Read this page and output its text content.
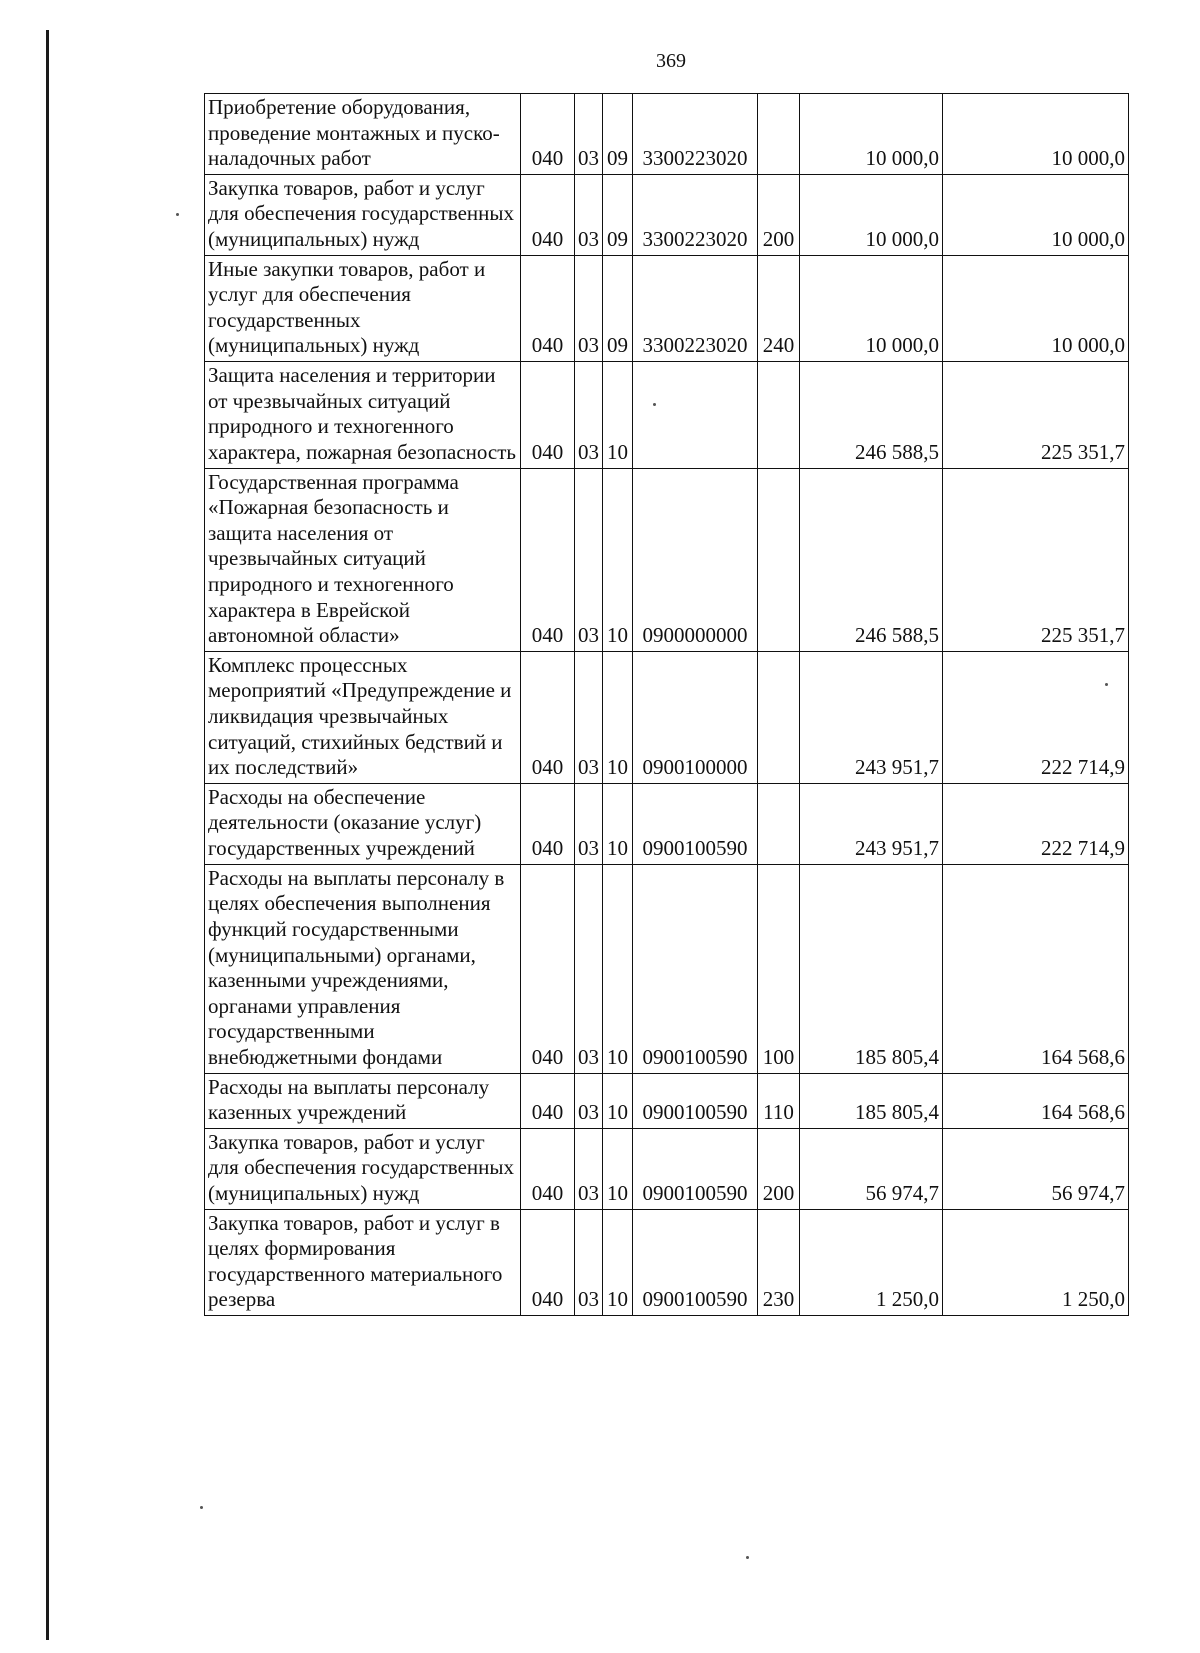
369
Приобретение оборудования, проведение монтажных и пуско-наладочных работ	040	03	09	3300223020		10 000,0	10 000,0
Закупка товаров, работ и услуг для обеспечения государственных (муниципальных) нужд	040	03	09	3300223020	200	10 000,0	10 000,0
Иные закупки товаров, работ и услуг для обеспечения государственных (муниципальных) нужд	040	03	09	3300223020	240	10 000,0	10 000,0
Защита населения и территории от чрезвычайных ситуаций природного и техногенного характера, пожарная безопасность	040	03	10			246 588,5	225 351,7
Государственная программа «Пожарная безопасность и защита населения от чрезвычайных ситуаций природного и техногенного характера в Еврейской автономной области»	040	03	10	0900000000		246 588,5	225 351,7
Комплекс процессных мероприятий «Предупреждение и ликвидация чрезвычайных ситуаций, стихийных бедствий и их последствий»	040	03	10	0900100000		243 951,7	222 714,9
Расходы на обеспечение деятельности (оказание услуг) государственных учреждений	040	03	10	0900100590		243 951,7	222 714,9
Расходы на выплаты персоналу в целях обеспечения выполнения функций государственными (муниципальными) органами, казенными учреждениями, органами управления государственными внебюджетными фондами	040	03	10	0900100590	100	185 805,4	164 568,6
Расходы на выплаты персоналу казенных учреждений	040	03	10	0900100590	110	185 805,4	164 568,6
Закупка товаров, работ и услуг для обеспечения государственных (муниципальных) нужд	040	03	10	0900100590	200	56 974,7	56 974,7
Закупка товаров, работ и услуг в целях формирования государственного материального резерва	040	03	10	0900100590	230	1 250,0	1 250,0
